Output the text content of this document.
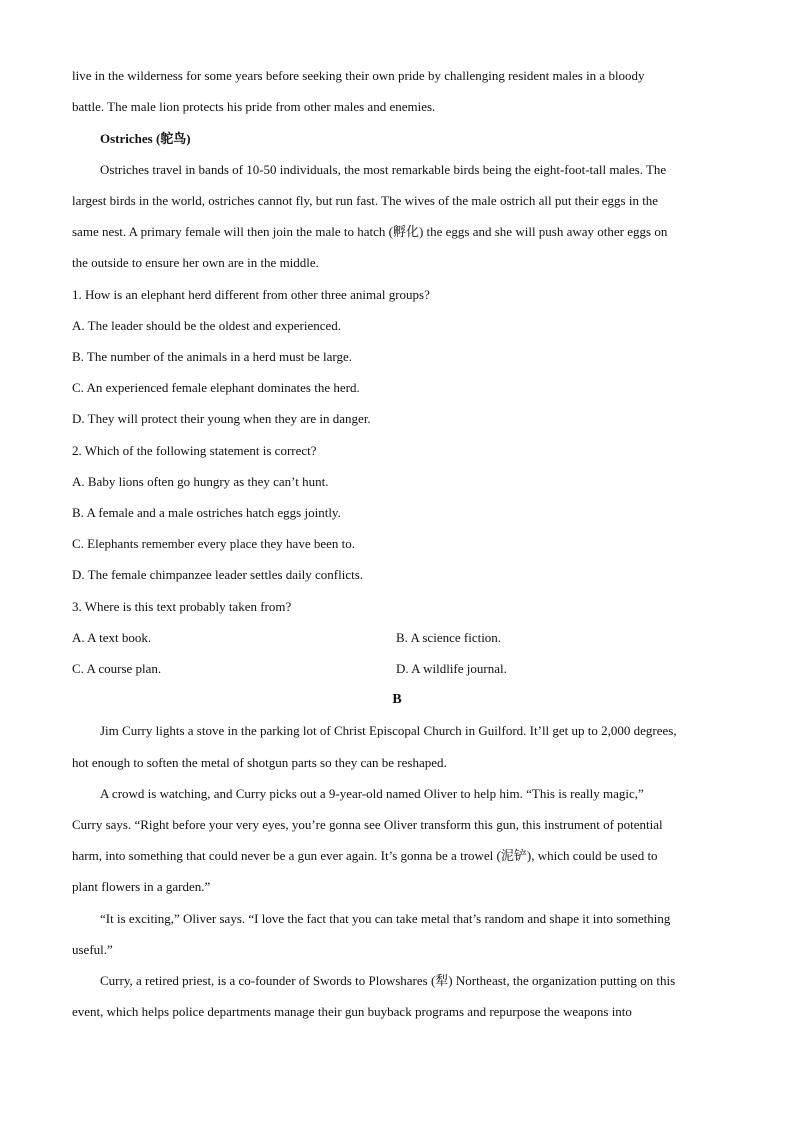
live in the wilderness for some years before seeking their own pride by challenging resident males in a bloody
battle. The male lion protects his pride from other males and enemies.
Ostriches (鸵鸟)
Ostriches travel in bands of 10-50 individuals, the most remarkable birds being the eight-foot-tall males. The
largest birds in the world, ostriches cannot fly, but run fast. The wives of the male ostrich all put their eggs in the
same nest. A primary female will then join the male to hatch (孵化) the eggs and she will push away other eggs on
the outside to ensure her own are in the middle.
1. How is an elephant herd different from other three animal groups?
A. The leader should be the oldest and experienced.
B. The number of the animals in a herd must be large.
C. An experienced female elephant dominates the herd.
D. They will protect their young when they are in danger.
2. Which of the following statement is correct?
A. Baby lions often go hungry as they can’t hunt.
B. A female and a male ostriches hatch eggs jointly.
C. Elephants remember every place they have been to.
D. The female chimpanzee leader settles daily conflicts.
3. Where is this text probably taken from?
A. A text book.	B. A science fiction.
C. A course plan.	D. A wildlife journal.
B
Jim Curry lights a stove in the parking lot of Christ Episcopal Church in Guilford. It’ll get up to 2,000 degrees,
hot enough to soften the metal of shotgun parts so they can be reshaped.
A crowd is watching, and Curry picks out a 9-year-old named Oliver to help him. “This is really magic,”
Curry says. “Right before your very eyes, you’re gonna see Oliver transform this gun, this instrument of potential
harm, into something that could never be a gun ever again. It’s gonna be a trowel (泥铲), which could be used to
plant flowers in a garden.”
“It is exciting,” Oliver says. “I love the fact that you can take metal that’s random and shape it into something
useful.”
Curry, a retired priest, is a co-founder of Swords to Plowshares (犁) Northeast, the organization putting on this
event, which helps police departments manage their gun buyback programs and repurpose the weapons into
